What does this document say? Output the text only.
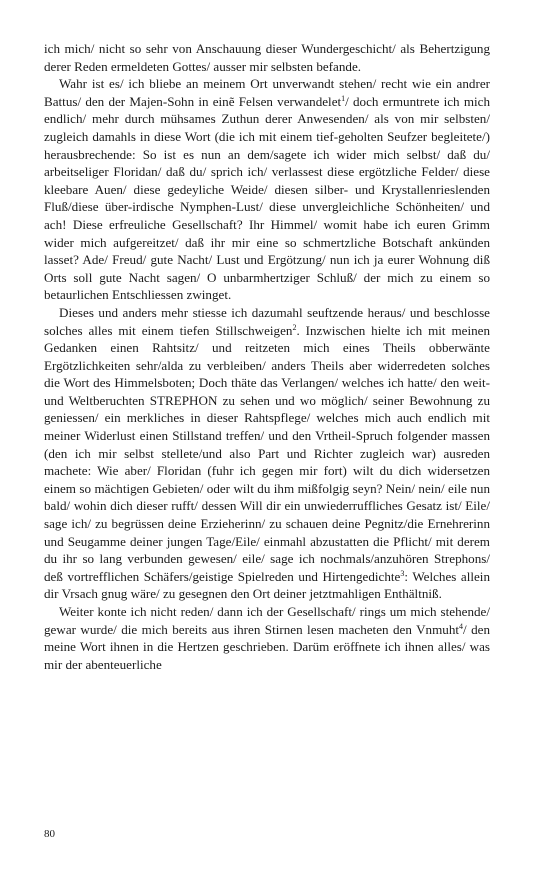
ich mich/ nicht so sehr von Anschauung dieser Wundergeschicht/ als Behertzigung derer Reden ermeldeten Gottes/ ausser mir selbsten befande.

Wahr ist es/ ich bliebe an meinem Ort unverwandt stehen/ recht wie ein andrer Battus/ den der Majen-Sohn in einẽ Felsen verwandelet$^1$/ doch ermuntrete ich mich endlich/ mehr durch mühsames Zuthun derer Anwesenden/ als von mir selbsten/ zugleich damahls in diese Wort (die ich mit einem tief-geholten Seufzer begleitete/) herausbrechende: So ist es nun an dem/sagete ich wider mich selbst/ daß du/ arbeitseliger Floridan/ daß du/ sprich ich/ verlassest diese ergötzliche Felder/ diese kleebare Auen/ diese gedeyliche Weide/ diesen silber- und Krystallenrieslenden Fluß/diese über-irdische Nymphen-Lust/ diese unvergleichliche Schönheiten/ und ach! Diese erfreuliche Gesellschaft? Ihr Himmel/ womit habe ich euren Grimm wider mich aufgereitzet/ daß ihr mir eine so schmertzliche Botschaft ankünden lasset? Ade/ Freud/ gute Nacht/ Lust und Ergötzung/ nun ich ja eurer Wohnung diß Orts soll gute Nacht sagen/ O unbarmhertziger Schluß/ der mich zu einem so betaurlichen Entschliessen zwinget.

Dieses und anders mehr stiesse ich dazumahl seuftzende heraus/ und beschlosse solches alles mit einem tiefen Stillschweigen$^2$. Inzwischen hielte ich mit meinen Gedanken einen Rahtsitz/ und reitzeten mich eines Theils obberwänte Ergötzlichkeiten sehr/alda zu verbleiben/ anders Theils aber widerredeten solches die Wort des Himmelsboten; Doch thäte das Verlangen/ welches ich hatte/ den weit- und Weltberuchten STREPHON zu sehen und wo möglich/ seiner Bewohnung zu geniessen/ ein merkliches in dieser Rahtspflege/ welches mich auch endlich mit meiner Widerlust einen Stillstand treffen/ und den Vrtheil-Spruch folgender massen (den ich mir selbst stellete/und also Part und Richter zugleich war) ausreden machete: Wie aber/ Floridan (fuhr ich gegen mir fort) wilt du dich widersetzen einem so mächtigen Gebieten/ oder wilt du ihm mißfolgig seyn? Nein/ nein/ eile nun bald/ wohin dich dieser rufft/ dessen Will dir ein unwiederruffliches Gesatz ist/ Eile/ sage ich/ zu begrüssen deine Erzieherinn/ zu schauen deine Pegnitz/die Ernehrerinn und Seugamme deiner jungen Tage/Eile/ einmahl abzustatten die Pflicht/ mit derem du ihr so lang verbunden gewesen/ eile/ sage ich nochmals/anzuhören Strephons/ deß vortrefflichen Schäfers/geistige Spielreden und Hirtengedichte$^3$: Welches allein dir Vrsach gnug wäre/ zu gesegnen den Ort deiner jetztmahligen Enthältniß.

Weiter konte ich nicht reden/ dann ich der Gesellschaft/ rings um mich stehende/ gewar wurde/ die mich bereits aus ihren Stirnen lesen macheten den Vnmuht$^4$/ den meine Wort ihnen in die Hertzen geschrieben. Darüm eröffnete ich ihnen alles/ was mir der abenteuerliche

80
